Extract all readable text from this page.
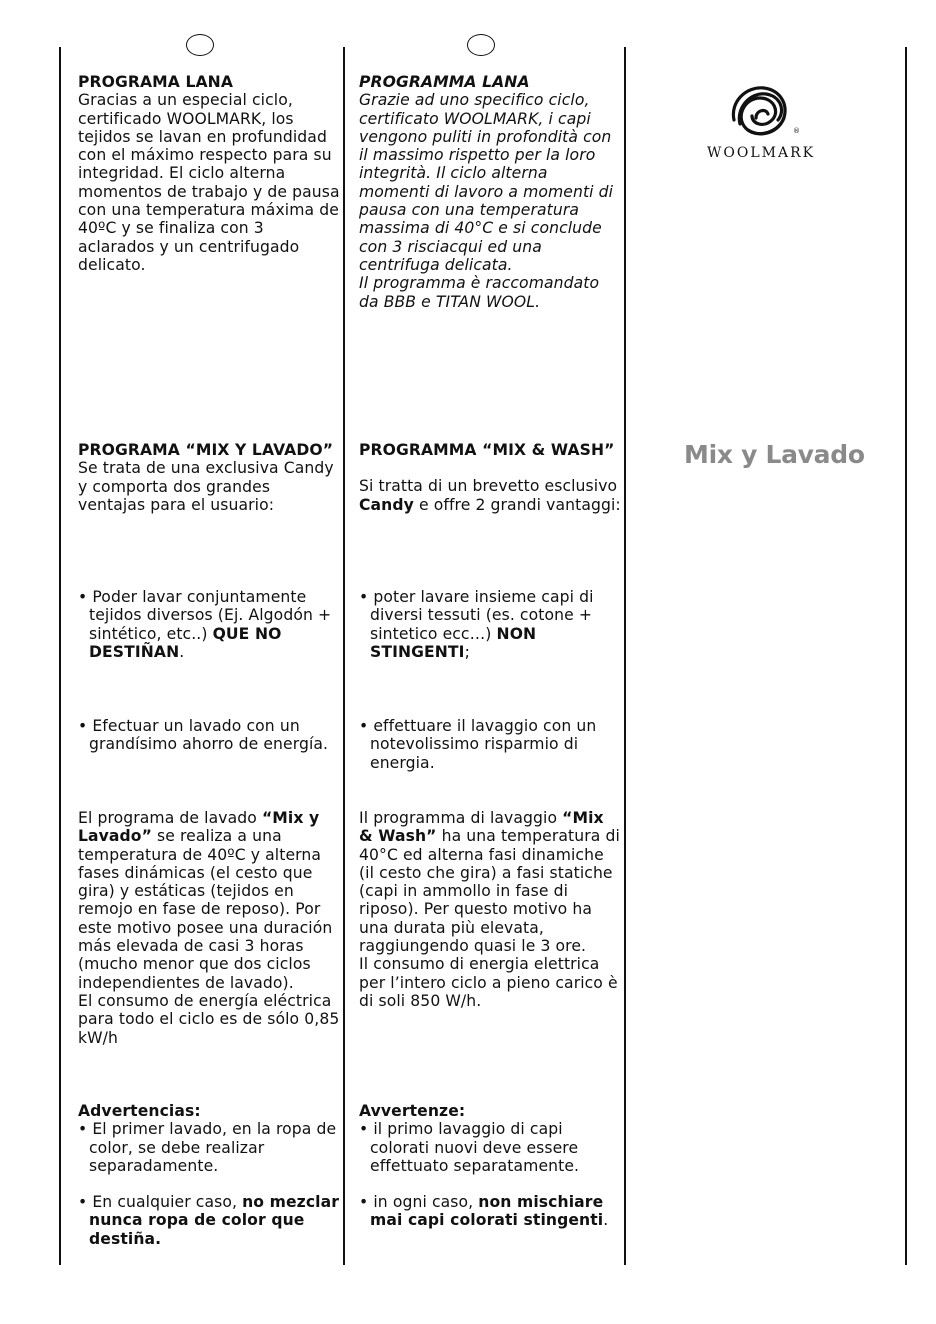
PROGRAMA LANA

Gracias a un especial ciclo, certificado WOOLMARK, los tejidos se lavan en profundidad con el máximo respecto para su integridad. El ciclo alterna momentos de trabajo y de pausa con una temperatura máxima de 40ºC y se finaliza con 3 aclarados y un centrifugado delicato.

PROGRAMA “MIX Y LAVADO”

Se trata de una exclusiva Candy y comporta dos grandes ventajas para el usuario:

• Poder lavar conjuntamente tejidos diversos (Ej. Algodón + sintético, etc..) QUE NO DESTIÑAN.

• Efectuar un lavado con un grandísimo ahorro de energía.

El programa de lavado “Mix y Lavado” se realiza a una temperatura de 40ºC y alterna fases dinámicas (el cesto que gira) y estáticas (tejidos en remojo en fase de reposo). Por este motivo posee una duración más elevada de casi 3 horas (mucho menor que dos ciclos independientes de lavado).

El consumo de energía eléctrica para todo el ciclo es de sólo 0,85 kW/h

Advertencias:

• El primer lavado, en la ropa de color, se debe realizar separadamente.

• En cualquier caso, no mezclar nunca ropa de color que destiña.

PROGRAMMA LANA

Grazie ad uno specifico ciclo, certificato WOOLMARK, i capi vengono puliti in profondità con il massimo rispetto per la loro integrità. Il ciclo alterna momenti di lavoro a momenti di pausa con una temperatura massima di 40°C e si conclude con 3 risciacqui ed una centrifuga delicata.

Il programma è raccomandato da BBB e TITAN WOOL.

PROGRAMMA “MIX & WASH”

Si tratta di un brevetto esclusivo Candy e offre 2 grandi vantaggi:

• poter lavare insieme capi di diversi tessuti (es. cotone + sintetico ecc…) NON STINGENTI;

• effettuare il lavaggio con un notevolissimo risparmio di energia.

Il programma di lavaggio “Mix & Wash” ha una temperatura di 40°C ed alterna fasi dinamiche (il cesto che gira) a fasi statiche (capi in ammollo in fase di riposo). Per questo motivo ha una durata più elevata, raggiungendo quasi le 3 ore.

Il consumo di energia elettrica per l’intero ciclo a pieno carico è di soli 850 W/h.

Avvertenze:

• il primo lavaggio di capi colorati nuovi deve essere effettuato separatamente.

• in ogni caso, non mischiare mai capi colorati stingenti.

®
WOOLMARK
Mix y Lavado
